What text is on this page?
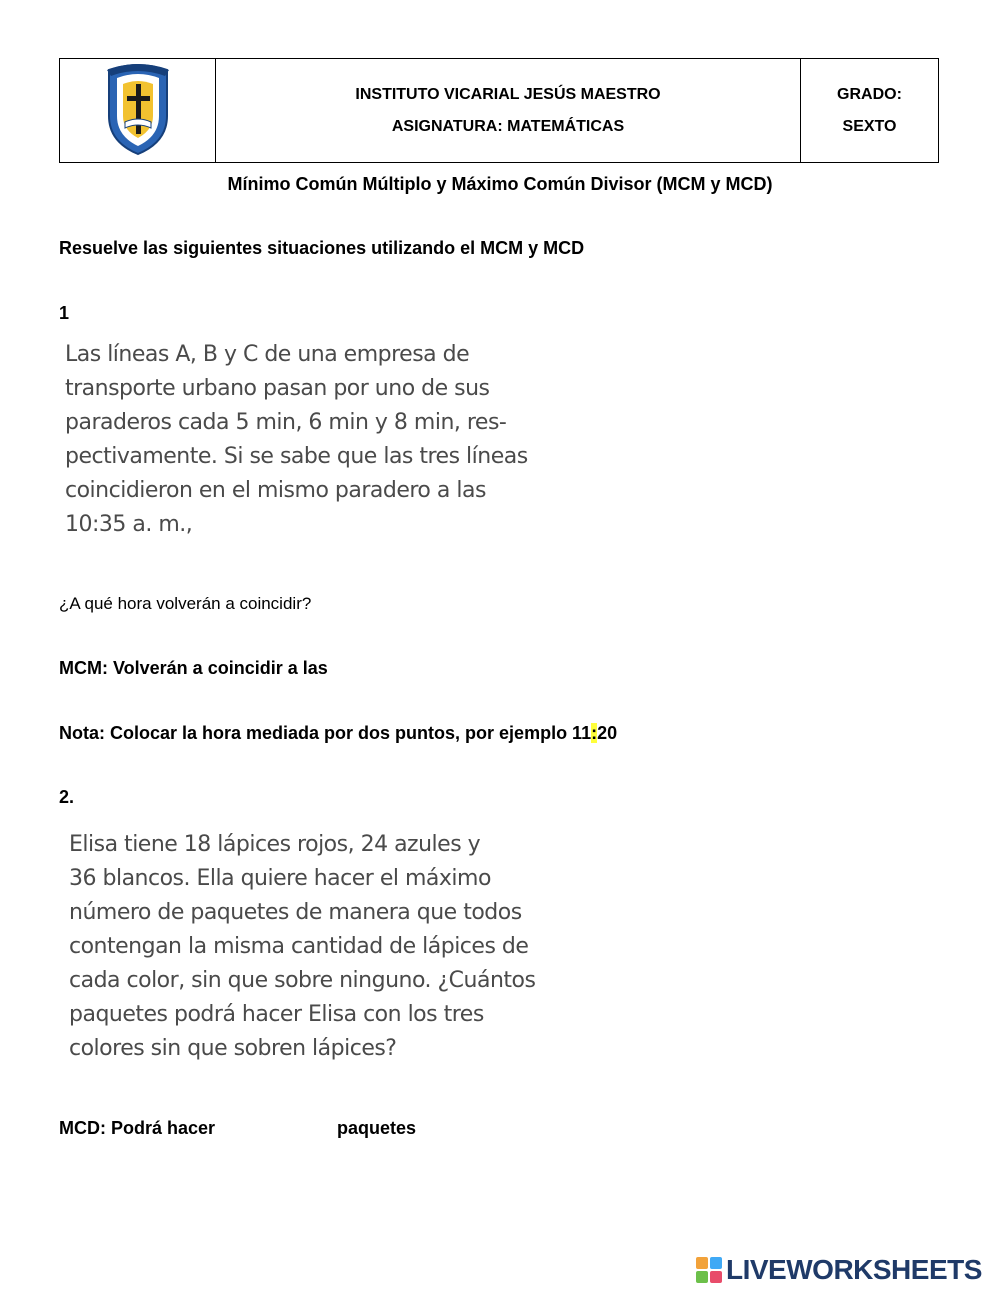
INSTITUTO VICARIAL JESÚS MAESTRO
ASIGNATURA: MATEMÁTICAS

GRADO:
SEXTO
Mínimo Común Múltiplo y Máximo Común Divisor (MCM y MCD)
Resuelve las siguientes situaciones utilizando el MCM y MCD
1
Las líneas A, B y C de una empresa de
transporte urbano pasan por uno de sus
paraderos cada 5 min, 6 min y 8 min, res-
pectivamente. Si se sabe que las tres líneas
coincidieron en el mismo paradero a las
10:35 a. m.,
¿A qué hora volverán a coincidir?
MCM: Volverán a coincidir a las
Nota: Colocar la hora mediada por dos puntos, por ejemplo 11:20
2.
Elisa tiene 18 lápices rojos, 24 azules y
36 blancos. Ella quiere hacer el máximo
número de paquetes de manera que todos
contengan la misma cantidad de lápices de
cada color, sin que sobre ninguno. ¿Cuántos
paquetes podrá hacer Elisa con los tres
colores sin que sobren lápices?
MCD: Podrá hacer	paquetes
LIVEWORKSHEETS
